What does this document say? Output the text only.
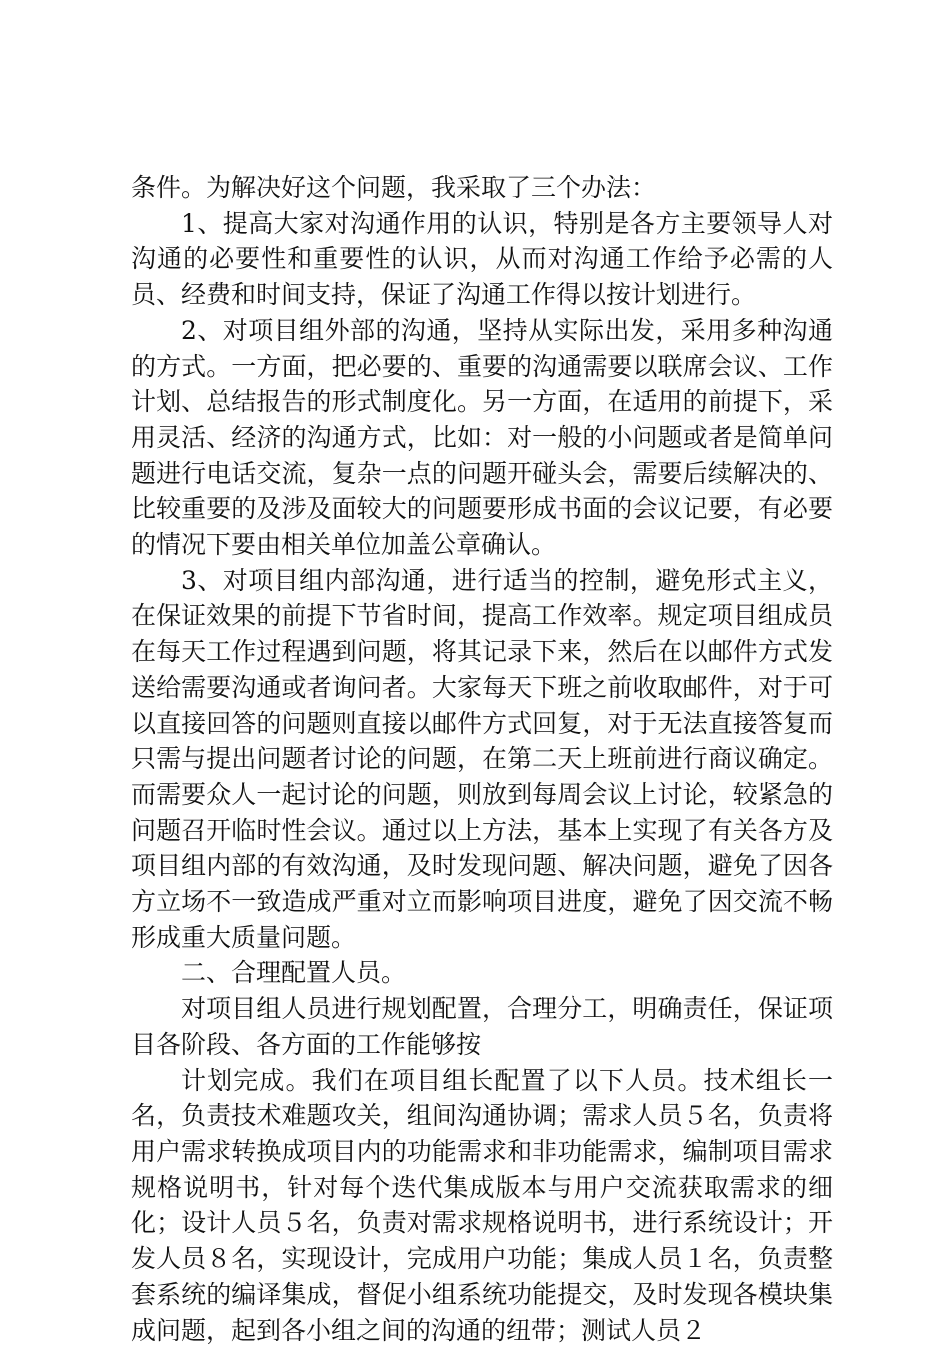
条件。为解决好这个问题，我采取了三个办法：

1、提高大家对沟通作用的认识，特别是各方主要领导人对沟通的必要性和重要性的认识，从而对沟通工作给予必需的人员、经费和时间支持，保证了沟通工作得以按计划进行。

2、对项目组外部的沟通，坚持从实际出发，采用多种沟通的方式。一方面，把必要的、重要的沟通需要以联席会议、工作计划、总结报告的形式制度化。另一方面，在适用的前提下，采用灵活、经济的沟通方式，比如：对一般的小问题或者是简单问题进行电话交流，复杂一点的问题开碰头会，需要后续解决的、比较重要的及涉及面较大的问题要形成书面的会议记要，有必要的情况下要由相关单位加盖公章确认。

3、对项目组内部沟通，进行适当的控制，避免形式主义，在保证效果的前提下节省时间，提高工作效率。规定项目组成员在每天工作过程遇到问题，将其记录下来，然后在以邮件方式发送给需要沟通或者询问者。大家每天下班之前收取邮件，对于可以直接回答的问题则直接以邮件方式回复，对于无法直接答复而只需与提出问题者讨论的问题，在第二天上班前进行商议确定。而需要众人一起讨论的问题，则放到每周会议上讨论，较紧急的问题召开临时性会议。通过以上方法，基本上实现了有关各方及项目组内部的有效沟通，及时发现问题、解决问题，避免了因各方立场不一致造成严重对立而影响项目进度，避免了因交流不畅形成重大质量问题。

二、合理配置人员。

对项目组人员进行规划配置，合理分工，明确责任，保证项目各阶段、各方面的工作能够按

计划完成。我们在项目组长配置了以下人员。技术组长一名，负责技术难题攻关，组间沟通协调；需求人员５名，负责将用户需求转换成项目内的功能需求和非功能需求，编制项目需求规格说明书，针对每个迭代集成版本与用户交流获取需求的细化；设计人员５名，负责对需求规格说明书，进行系统设计；开发人员８名，实现设计，完成用户功能；集成人员１名，负责整套系统的编译集成，督促小组系统功能提交，及时发现各模块集成问题，起到各小组之间的沟通的纽带；测试人员２
